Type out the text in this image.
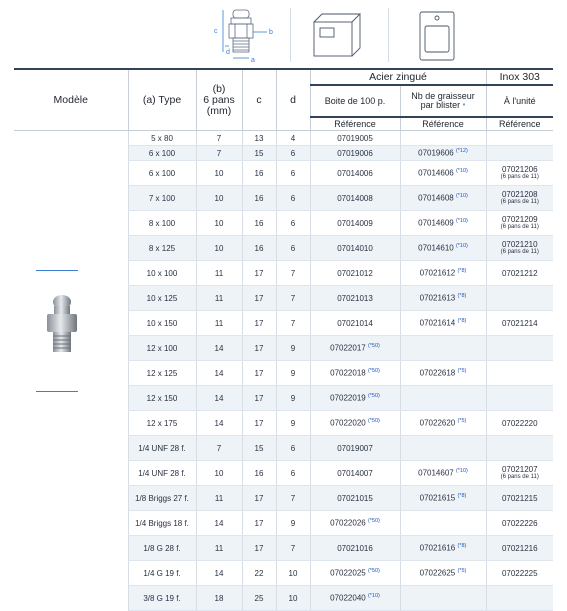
c	b
d
a
Modèle	(a) Type	(b)
6 pans
(mm)	c	d	Acier zingué		Inox 303
					Boite de 100 p.	Nb de graisseur
par blister *	À l'unité
					Référence	Référence	Référence
	5 x 80	7	13	4	07019005		
	6 x 100	7	15	6	07019006	07019606 $^{(*12)}$	
	6 x 100	10	16	6	07014006	07014606 $^{(*10)}$	07021206
(6 pans de 11)

	7 x 100	10	16	6	07014008	07014608 $^{(*10)}$	07021208
(6 pans de 11)

	8 x 100	10	16	6	07014009	07014609 $^{(*10)}$	07021209
(6 pans de 11)

	8 x 125	10	16	6	07014010	07014610 $^{(*10)}$	07021210
(6 pans de 11)

	10 x 100	11	17	7	07021012	07021612 $^{(*8)}$	07021212
	10 x 125	11	17	7	07021013	07021613 $^{(*8)}$	
	10 x 150	11	17	7	07021014	07021614 $^{(*8)}$	07021214
	12 x 100	14	17	9	07022017 $^{(*50)}$		
	12 x 125	14	17	9	07022018 $^{(*50)}$	07022618 $^{(*5)}$	
	12 x 150	14	17	9	07022019 $^{(*50)}$		
	12 x 175	14	17	9	07022020 $^{(*50)}$	07022620 $^{(*5)}$	07022220
	1/4 UNF 28 f.	7	15	6	07019007		
	1/4 UNF 28 f.	10	16	6	07014007	07014607 $^{(*10)}$	07021207
(6 pans de 11)

	1/8 Briggs 27 f.	11	17	7	07021015	07021615 $^{(*8)}$	07021215
	1/4 Briggs 18 f.	14	17	9	07022026 $^{(*50)}$		07022226
	1/8 G 28 f.	11	17	7	07021016	07021616 $^{(*8)}$	07021216
	1/4 G 19 f.	14	22	10	07022025 $^{(*50)}$	07022625 $^{(*5)}$	07022225
	3/8 G 19 f.	18	25	10	07022040 $^{(*10)}$		
